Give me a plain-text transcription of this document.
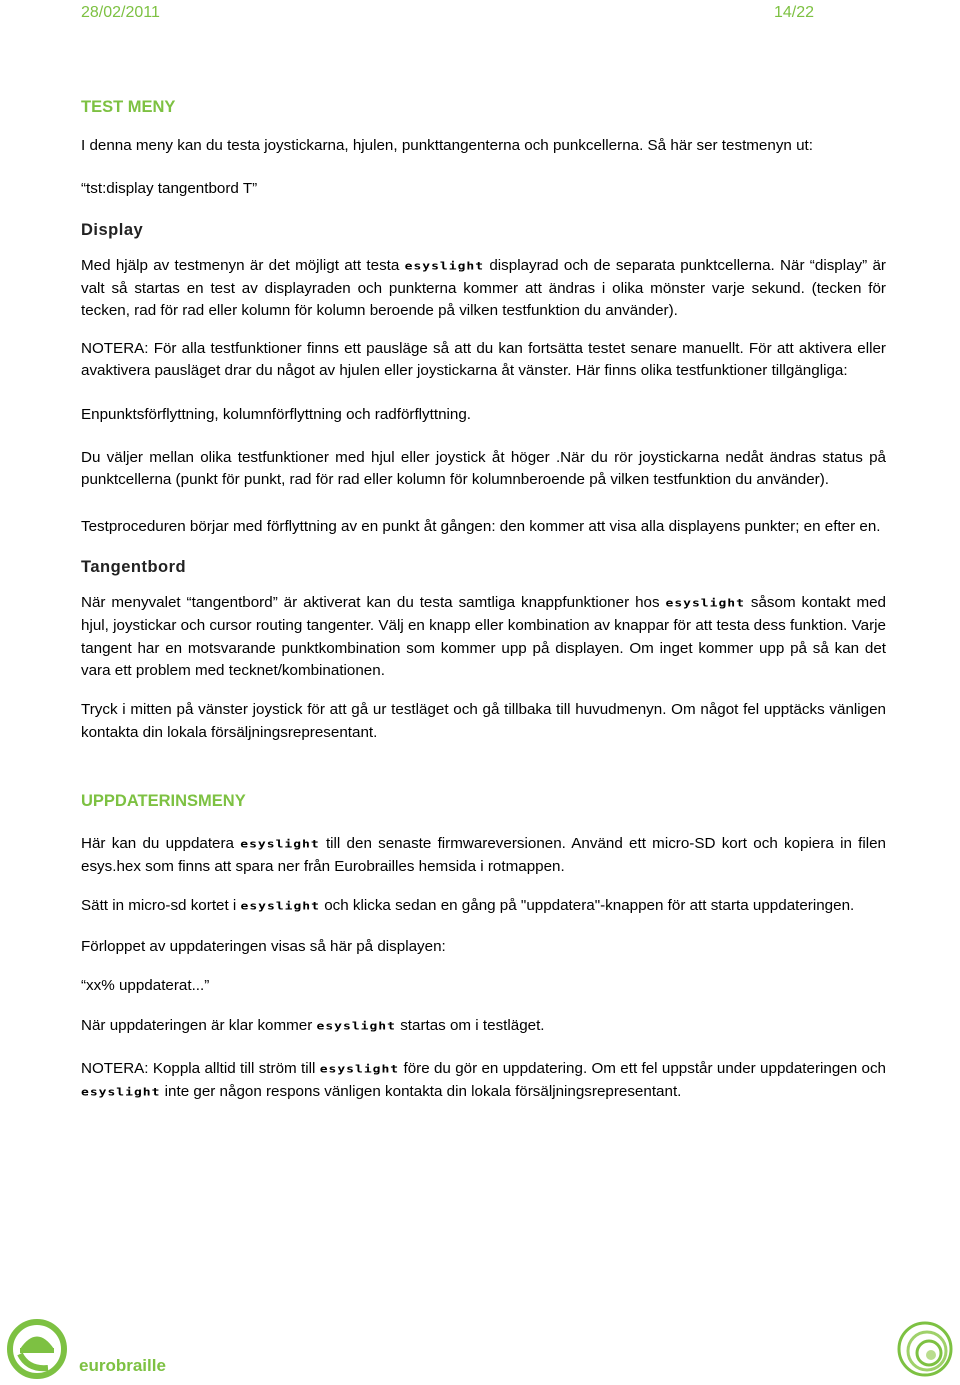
28/02/2011	14/22

TEST MENY

I denna meny kan du testa joystickarna, hjulen, punkttangenterna och punkcellerna. Så här ser testmenyn ut:

“tst:display tangentbord T”

Display

Med hjälp av testmenyn är det möjligt att testa esyslight displayrad och de separata punktcellerna. När “display” är valt så startas en test av displayraden och punkterna kommer att ändras i olika mönster varje sekund. (tecken för tecken, rad för rad eller kolumn för kolumn beroende på vilken testfunktion du använder).

NOTERA: För alla testfunktioner finns ett pausläge så att du kan fortsätta testet senare manuellt. För att aktivera eller avaktivera pausläget drar du något av hjulen eller joystickarna åt vänster. Här finns olika testfunktioner tillgängliga:

Enpunktsförflyttning, kolumnförflyttning och radförflyttning.

Du väljer mellan olika testfunktioner med hjul eller joystick åt höger .När du rör joystickarna nedåt ändras status på punktcellerna (punkt för punkt, rad för rad eller kolumn för kolumnberoende på vilken testfunktion du använder).

Testproceduren börjar med förflyttning av en punkt åt gången: den kommer att visa alla displayens punkter; en efter en.

Tangentbord

När menyvalet “tangentbord” är aktiverat kan du testa samtliga knappfunktioner hos esyslight såsom kontakt med hjul, joystickar och cursor routing tangenter. Välj en knapp eller kombination av knappar för att testa dess funktion. Varje tangent har en motsvarande punktkombination som kommer upp på displayen. Om inget kommer upp på så kan det vara ett problem med tecknet/kombinationen.

Tryck i mitten på vänster joystick för att gå ur testläget och gå tillbaka till huvudmenyn. Om något fel upptäcks vänligen kontakta din lokala försäljningsrepresentant.

UPPDATERINSMENY

Här kan du uppdatera esyslight till den senaste firmwareversionen. Använd ett micro-SD kort och kopiera in filen esys.hex som finns att spara ner från Eurobrailles hemsida i rotmappen.

Sätt in micro-sd kortet i esyslight och klicka sedan en gång på "uppdatera"-knappen för att starta uppdateringen.

Förloppet av uppdateringen visas så här på displayen:

“xx% uppdaterat...”

När uppdateringen är klar kommer esyslight startas om i testläget.

NOTERA: Koppla alltid till ström till esyslight före du gör en uppdatering. Om ett fel uppstår under uppdateringen och esyslight inte ger någon respons vänligen kontakta din lokala försäljningsrepresentant.

eurobraille
